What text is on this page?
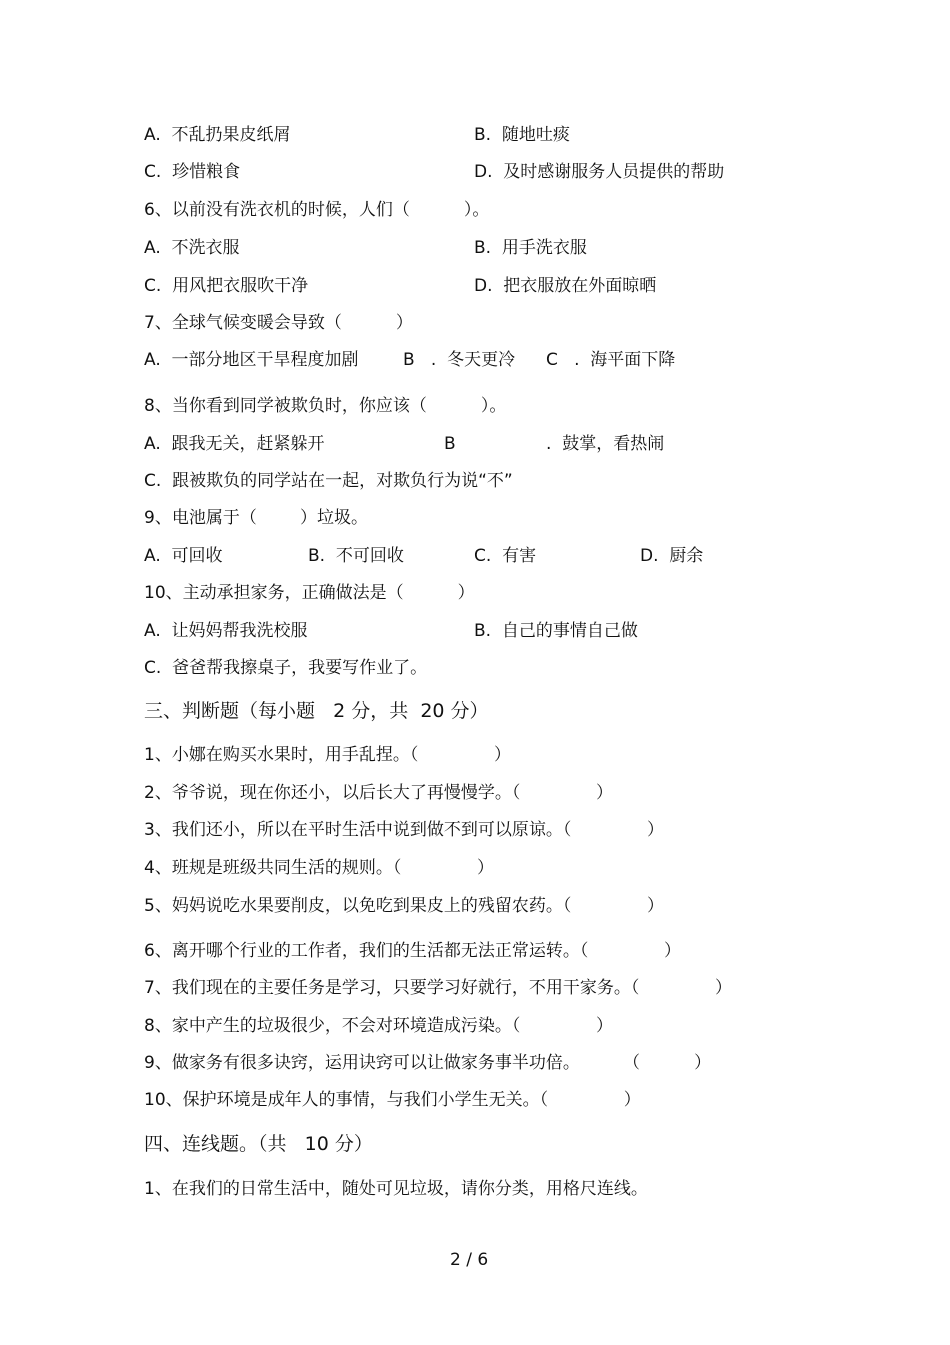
A.  不乱扔果皮纸屑	B.  随地吐痰
C.  珍惜粮食	D.  及时感谢服务人员提供的帮助
6、以前没有洗衣机的时候，人们（          ）。
A.  不洗衣服	B.  用手洗衣服
C.  用风把衣服吹干净	D.  把衣服放在外面晾晒
7、全球气候变暖会导致（          ）
A.  一部分地区干旱程度加剧	B   .  冬天更冷 C   .  海平面下降
8、当你看到同学被欺负时，你应该（          ）。
A.  跟我无关，赶紧躲开	B	.  鼓掌，看热闹
C.  跟被欺负的同学站在一起，对欺负行为说“不”
9、电池属于（        ）垃圾。
A.  可回收	B.  不可回收	C.  有害	D.  厨余
10、主动承担家务，正确做法是（          ）
A.  让妈妈帮我洗校服	B.  自己的事情自己做
C.  爸爸帮我擦桌子，我要写作业了。
三、判断题（每小题   2 分，共  20 分）
1、小娜在购买水果时，用手乱捏。（              ）
2、爷爷说，现在你还小，以后长大了再慢慢学。（              ）
3、我们还小，所以在平时生活中说到做不到可以原谅。（              ）
4、班规是班级共同生活的规则。（              ）
5、妈妈说吃水果要削皮，以免吃到果皮上的残留农药。（              ）
6、离开哪个行业的工作者，我们的生活都无法正常运转。（              ）
7、我们现在的主要任务是学习，只要学习好就行，不用干家务。（              ）
8、家中产生的垃圾很少，不会对环境造成污染。（              ）
9、做家务有很多诀窍，运用诀窍可以让做家务事半功倍。        （          ）
10、保护环境是成年人的事情，与我们小学生无关。（              ）
四、连线题。（共   10 分）
1、在我们的日常生活中，随处可见垃圾，请你分类，用格尺连线。
2 / 6
